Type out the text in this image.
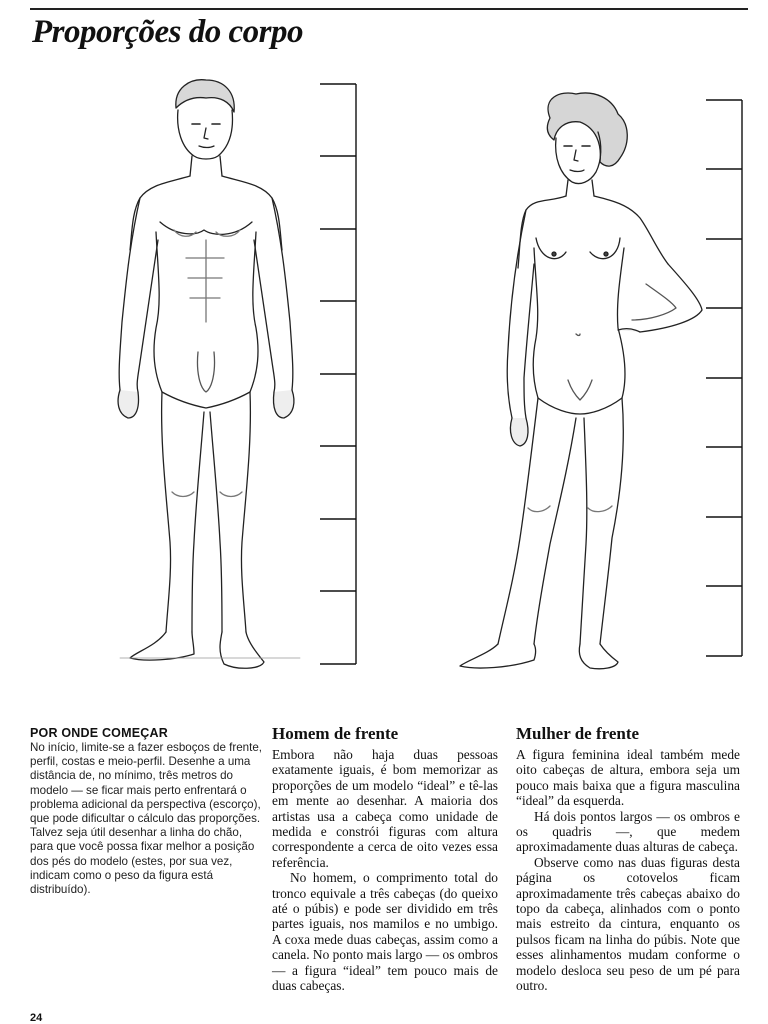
Proporções do corpo
POR ONDE COMEÇAR

No início, limite-se a fazer esboços de frente, perfil, costas e meio-perfil. Desenhe a uma distância de, no mínimo, três metros do modelo — se ficar mais perto enfrentará o problema adicional da perspectiva (escorço), que pode dificultar o cálculo das proporções. Talvez seja útil desenhar a linha do chão, para que você possa fixar melhor a posição dos pés do modelo (estes, por sua vez, indicam como o peso da figura está distribuído).

Homem de frente

Embora não haja duas pessoas exatamente iguais, é bom memorizar as proporções de um modelo “ideal” e tê-las em mente ao desenhar. A maioria dos artistas usa a cabeça como unidade de medida e constrói figuras com altura correspondente a cerca de oito vezes essa referência.

No homem, o comprimento total do tronco equivale a três cabeças (do queixo até o púbis) e pode ser dividido em três partes iguais, nos mamilos e no umbigo. A coxa mede duas cabeças, assim como a canela. No ponto mais largo — os ombros — a figura “ideal” tem pouco mais de duas cabeças.

Mulher de frente

A figura feminina ideal também mede oito cabeças de altura, embora seja um pouco mais baixa que a figura masculina “ideal” da esquerda.

Há dois pontos largos — os ombros e os quadris —, que medem aproximadamente duas alturas de cabeça.

Observe como nas duas figuras desta página os cotovelos ficam aproximadamente três cabeças abaixo do topo da cabeça, alinhados com o ponto mais estreito da cintura, enquanto os pulsos ficam na linha do púbis. Note que esses alinhamentos mudam conforme o modelo desloca seu peso de um pé para outro.

24
